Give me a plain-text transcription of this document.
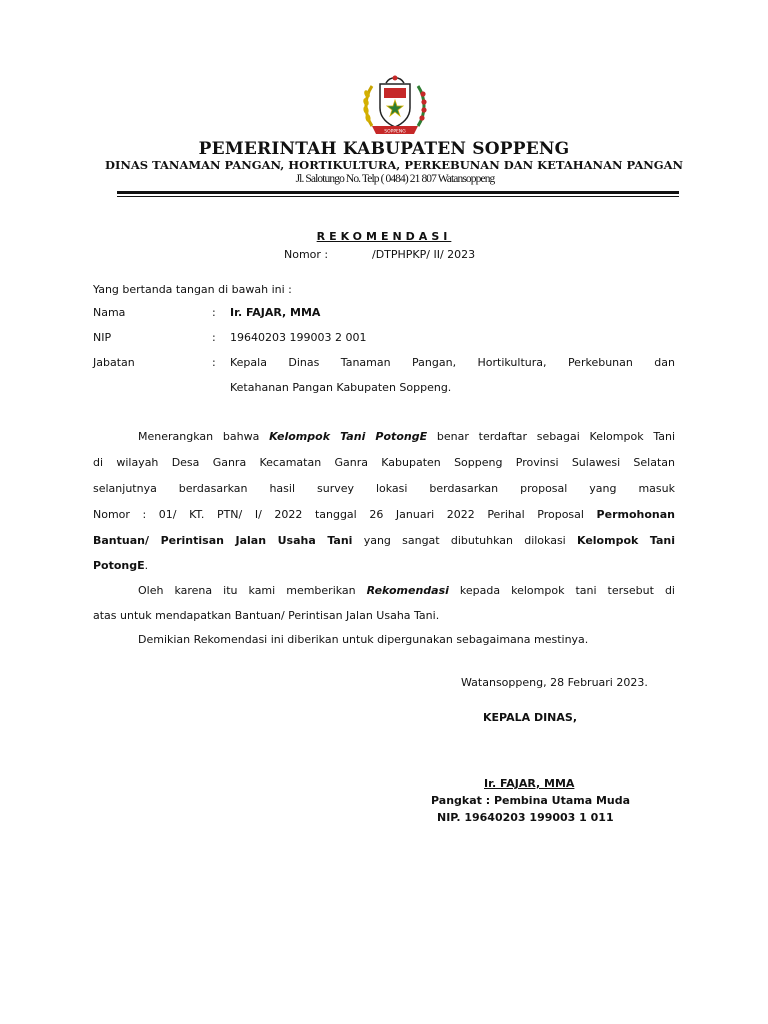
SOPPENG
PEMERINTAH KABUPATEN SOPPENG
DINAS TANAMAN PANGAN, HORTIKULTURA, PERKEBUNAN DAN KETAHANAN PANGAN
Jl. Salotungo No. Telp ( 0484) 21 807 Watansoppeng
REKOMENDASI
Nomor :	/DTPHPKP/ II/ 2023
Yang bertanda tangan di bawah ini :
Nama	: Ir. FAJAR, MMA
NIP	: 19640203 199003 2 001
Jabatan	: Kepala Dinas Tanaman Pangan, Hortikultura, Perkebunan dan
Ketahanan Pangan Kabupaten Soppeng.
Menerangkan bahwa Kelompok Tani PotongE benar terdaftar sebagai Kelompok Tani
di wilayah Desa Ganra Kecamatan Ganra Kabupaten Soppeng Provinsi Sulawesi Selatan
selanjutnya berdasarkan hasil survey lokasi berdasarkan proposal yang masuk
Nomor : 01/ KT. PTN/ I/ 2022 tanggal 26 Januari 2022 Perihal Proposal Permohonan
Bantuan/ Perintisan Jalan Usaha Tani yang sangat dibutuhkan dilokasi Kelompok Tani
PotongE.
Oleh karena itu kami memberikan Rekomendasi kepada kelompok tani tersebut di
atas untuk mendapatkan Bantuan/ Perintisan Jalan Usaha Tani.
Demikian Rekomendasi ini diberikan untuk dipergunakan sebagaimana mestinya.
Watansoppeng, 28 Februari 2023.
KEPALA DINAS,
Ir. FAJAR, MMA
Pangkat : Pembina Utama Muda
NIP. 19640203 199003 1 011
